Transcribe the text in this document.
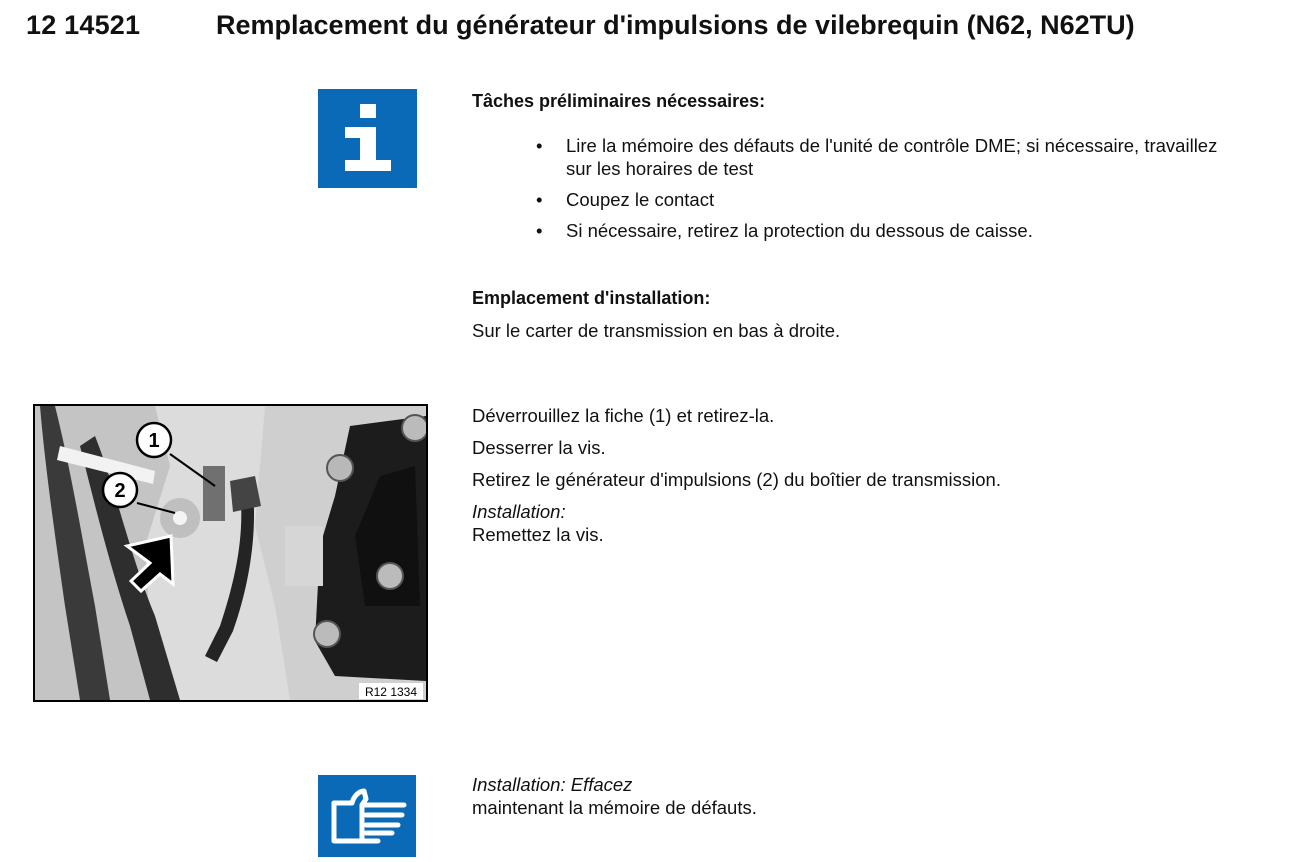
12 14521	Remplacement du générateur d'impulsions de vilebrequin (N62, N62TU)
Tâches préliminaires nécessaires:
• Lire la mémoire des défauts de l'unité de contrôle DME; si nécessaire, travaillez
sur les horaires de test
• Coupez le contact
• Si nécessaire, retirez la protection du dessous de caisse.
Emplacement d'installation:
Sur le carter de transmission en bas à droite.
1
2
R12 1334
Déverrouillez la fiche (1) et retirez-la.
Desserrer la vis.
Retirez le générateur d'impulsions (2) du boîtier de transmission.
Installation:
Remettez la vis.
Installation: Effacez
maintenant la mémoire de défauts.
